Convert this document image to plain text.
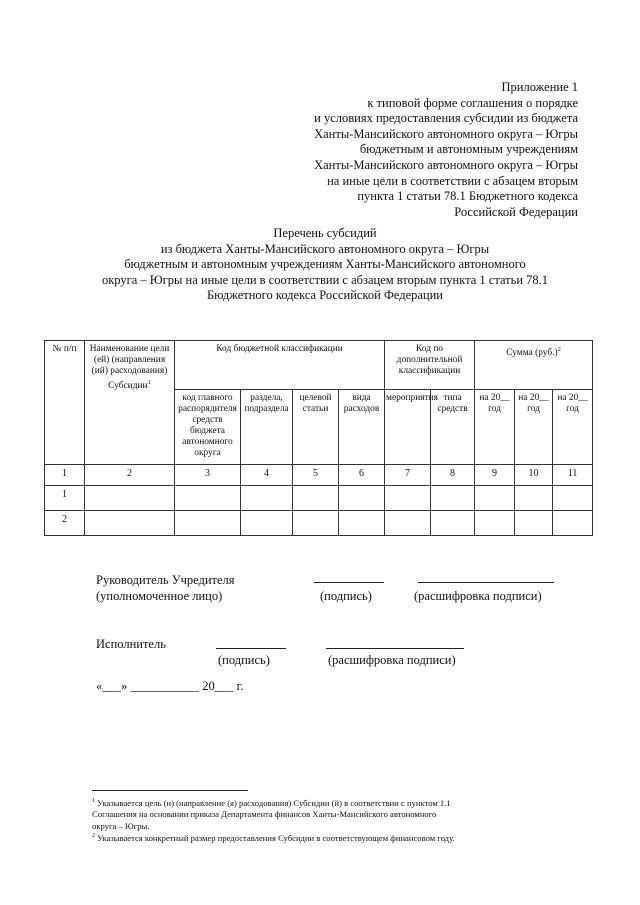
Приложение 1
к типовой форме соглашения о порядке
и условиях предоставления субсидии из бюджета
Ханты-Мансийского автономного округа – Югры
бюджетным и автономным учреждениям
Ханты-Мансийского автономного округа – Югры
на иные цели в соответствии с абзацем вторым
пункта 1 статьи 78.1 Бюджетного кодекса
Российской Федерации
Перечень субсидий
из бюджета Ханты-Мансийского автономного округа – Югры
бюджетным и автономным учреждениям Ханты-Мансийского автономного
округа – Югры на иные цели в соответствии с абзацем вторым пункта 1 статьи 78.1
Бюджетного кодекса Российской Федерации
№ п/п	Наименование цели (ей) (направления (ий) расходования) Субсидии$^1$	Код бюджетной классификации				Код по дополнительной классификации		Сумма $(руб.)^2$
		код главного распорядителя средств бюджета автономного округа	раздела, подраздела	целевой статьи	вида расходов	мероприятия	типа средств	на 20__ год	на 20__ год	на 20__ год
1	2	3	4	5	6	7	8	9	10	11
1										
2										
Руководитель Учредителя
(уполномоченное лицо)	(подпись)	(расшифровка подписи)
Исполнитель
(подпись)	(расшифровка подписи)
«___» ___________ 20___ г.
$^1$ Указывается цель (и) (направление (я) расходования) Субсидии (й) в соответствии с пунктом 1.1
Соглашения на основании приказа Департамента финансов Ханты-Мансийского автономного
округа – Югры.
$^2$ Указывается конкретный размер предоставления Субсидии в соответствующем финансовом году.
